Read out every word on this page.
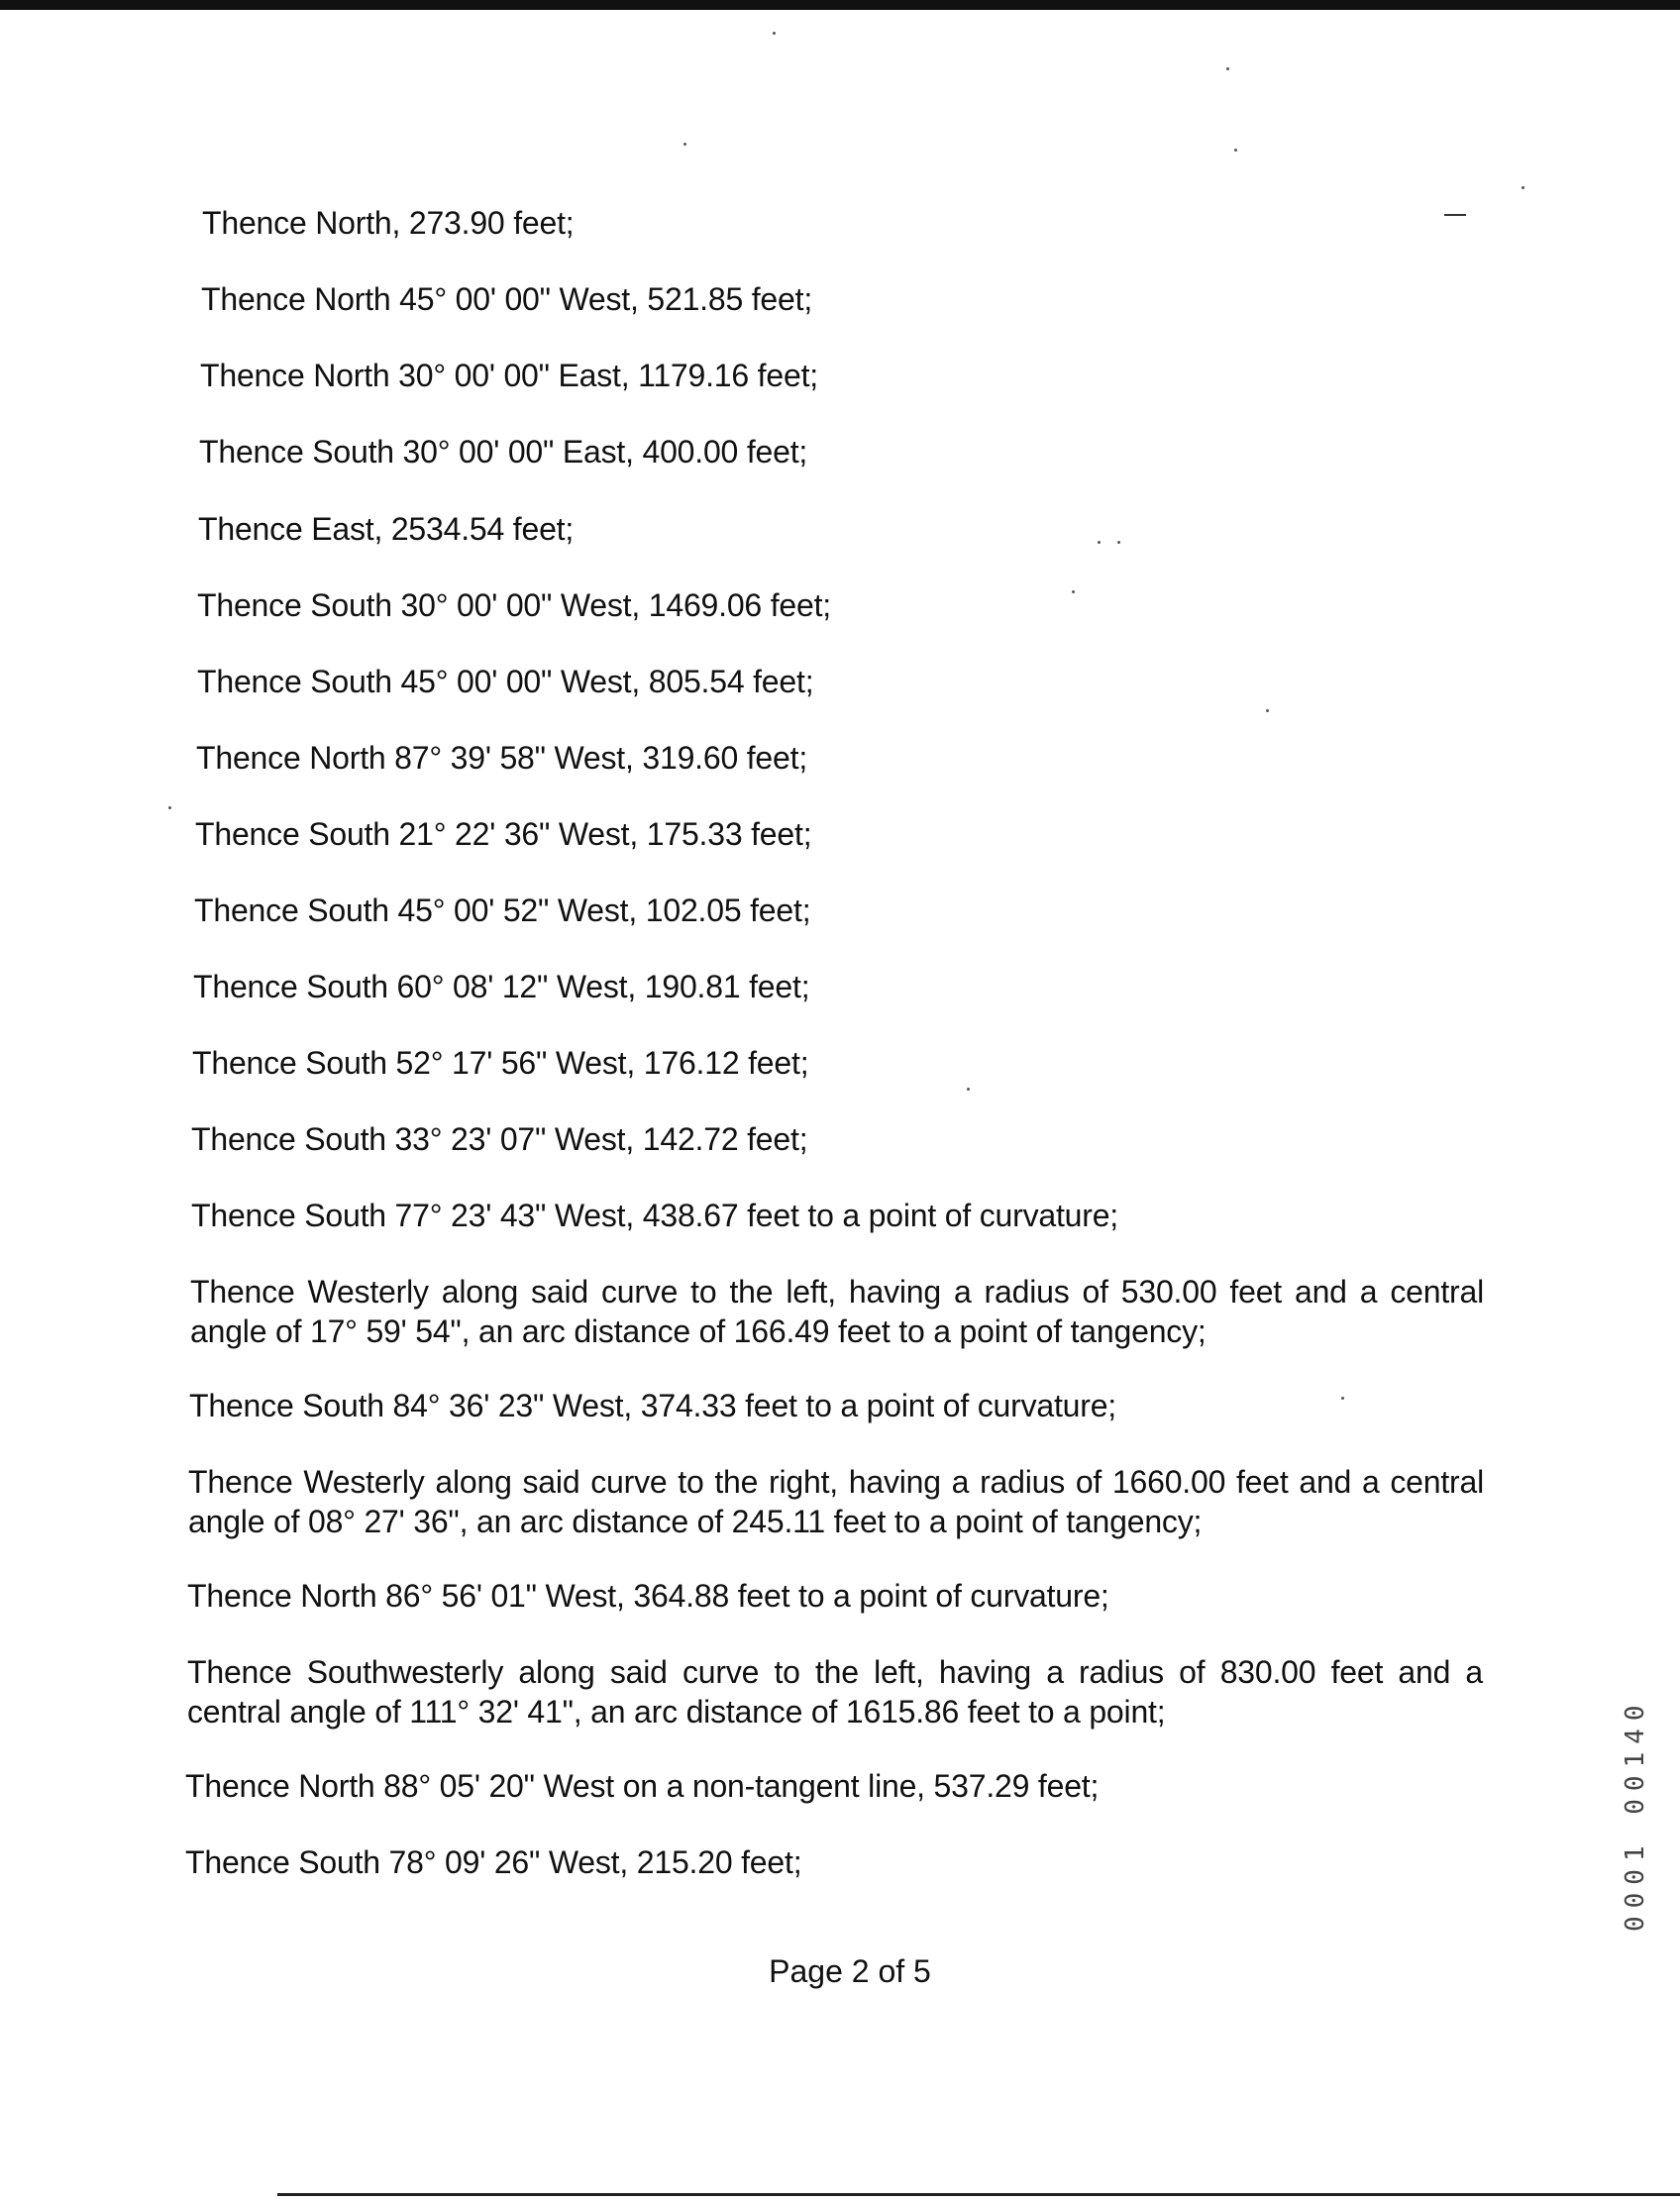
Thence North, 273.90 feet;
Thence North 45° 00' 00" West, 521.85 feet;
Thence North 30° 00' 00" East, 1179.16 feet;
Thence South 30° 00' 00" East, 400.00 feet;
Thence East, 2534.54 feet;
Thence South 30° 00' 00" West, 1469.06 feet;
Thence South 45° 00' 00" West, 805.54 feet;
Thence North 87° 39' 58" West, 319.60 feet;
Thence South 21° 22' 36" West, 175.33 feet;
Thence South 45° 00' 52" West, 102.05 feet;
Thence South 60° 08' 12" West, 190.81 feet;
Thence South 52° 17' 56" West, 176.12 feet;
Thence South 33° 23' 07" West, 142.72 feet;
Thence South 77° 23' 43" West, 438.67 feet to a point of curvature;
Thence Westerly along said curve to the left, having a radius of 530.00 feet and a central angle of 17° 59' 54", an arc distance of 166.49 feet to a point of tangency;
Thence South 84° 36' 23" West, 374.33 feet to a point of curvature;
Thence Westerly along said curve to the right, having a radius of 1660.00 feet and a central angle of 08° 27' 36", an arc distance of 245.11 feet to a point of tangency;
Thence North 86° 56' 01" West, 364.88 feet to a point of curvature;
Thence Southwesterly along said curve to the left, having a radius of 830.00 feet and a central angle of 111° 32' 41", an arc distance of 1615.86 feet to a point;
Thence North 88° 05' 20" West on a non-tangent line, 537.29 feet;
Thence South 78° 09' 26" West, 215.20 feet;
Page 2 of 5
0001 00140
